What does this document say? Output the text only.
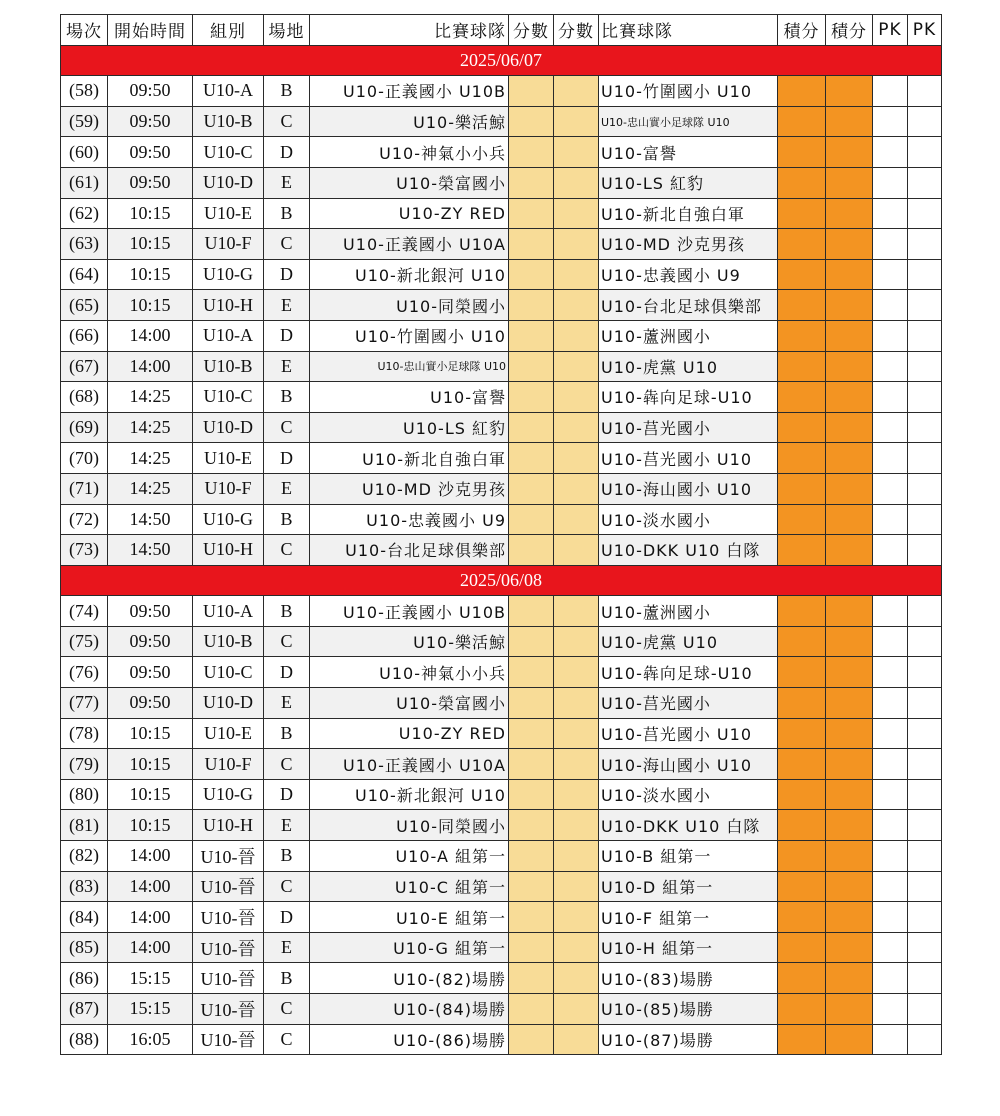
場次	開始時間	組別	場地	比賽球隊	分數	分數	比賽球隊	積分	積分	PK	PK
2025/06/07											
(58)	09:50	U10-A	B	U10-正義國小 U10B			U10-竹圍國小 U10				
(59)	09:50	U10-B	C	U10-樂活鯨			U10-忠山實小足球隊 U10				
(60)	09:50	U10-C	D	U10-神氣小小兵			U10-富譽				
(61)	09:50	U10-D	E	U10-榮富國小			U10-LS 紅豹				
(62)	10:15	U10-E	B	U10-ZY RED			U10-新北自強白軍				
(63)	10:15	U10-F	C	U10-正義國小 U10A			U10-MD 沙克男孩				
(64)	10:15	U10-G	D	U10-新北銀河 U10			U10-忠義國小 U9				
(65)	10:15	U10-H	E	U10-同榮國小			U10-台北足球俱樂部				
(66)	14:00	U10-A	D	U10-竹圍國小 U10			U10-蘆洲國小				
(67)	14:00	U10-B	E	U10-忠山實小足球隊 U10			U10-虎黨 U10				
(68)	14:25	U10-C	B	U10-富譽			U10-犇向足球-U10				
(69)	14:25	U10-D	C	U10-LS 紅豹			U10-莒光國小				
(70)	14:25	U10-E	D	U10-新北自強白軍			U10-莒光國小 U10				
(71)	14:25	U10-F	E	U10-MD 沙克男孩			U10-海山國小 U10				
(72)	14:50	U10-G	B	U10-忠義國小 U9			U10-淡水國小				
(73)	14:50	U10-H	C	U10-台北足球俱樂部			U10-DKK U10 白隊				
2025/06/08											
(74)	09:50	U10-A	B	U10-正義國小 U10B			U10-蘆洲國小				
(75)	09:50	U10-B	C	U10-樂活鯨			U10-虎黨 U10				
(76)	09:50	U10-C	D	U10-神氣小小兵			U10-犇向足球-U10				
(77)	09:50	U10-D	E	U10-榮富國小			U10-莒光國小				
(78)	10:15	U10-E	B	U10-ZY RED			U10-莒光國小 U10				
(79)	10:15	U10-F	C	U10-正義國小 U10A			U10-海山國小 U10				
(80)	10:15	U10-G	D	U10-新北銀河 U10			U10-淡水國小				
(81)	10:15	U10-H	E	U10-同榮國小			U10-DKK U10 白隊				
(82)	14:00	U10-晉	B	U10-A 組第一			U10-B 組第一				
(83)	14:00	U10-晉	C	U10-C 組第一			U10-D 組第一				
(84)	14:00	U10-晉	D	U10-E 組第一			U10-F 組第一				
(85)	14:00	U10-晉	E	U10-G 組第一			U10-H 組第一				
(86)	15:15	U10-晉	B	U10-(82)場勝			U10-(83)場勝				
(87)	15:15	U10-晉	C	U10-(84)場勝			U10-(85)場勝				
(88)	16:05	U10-晉	C	U10-(86)場勝			U10-(87)場勝				
